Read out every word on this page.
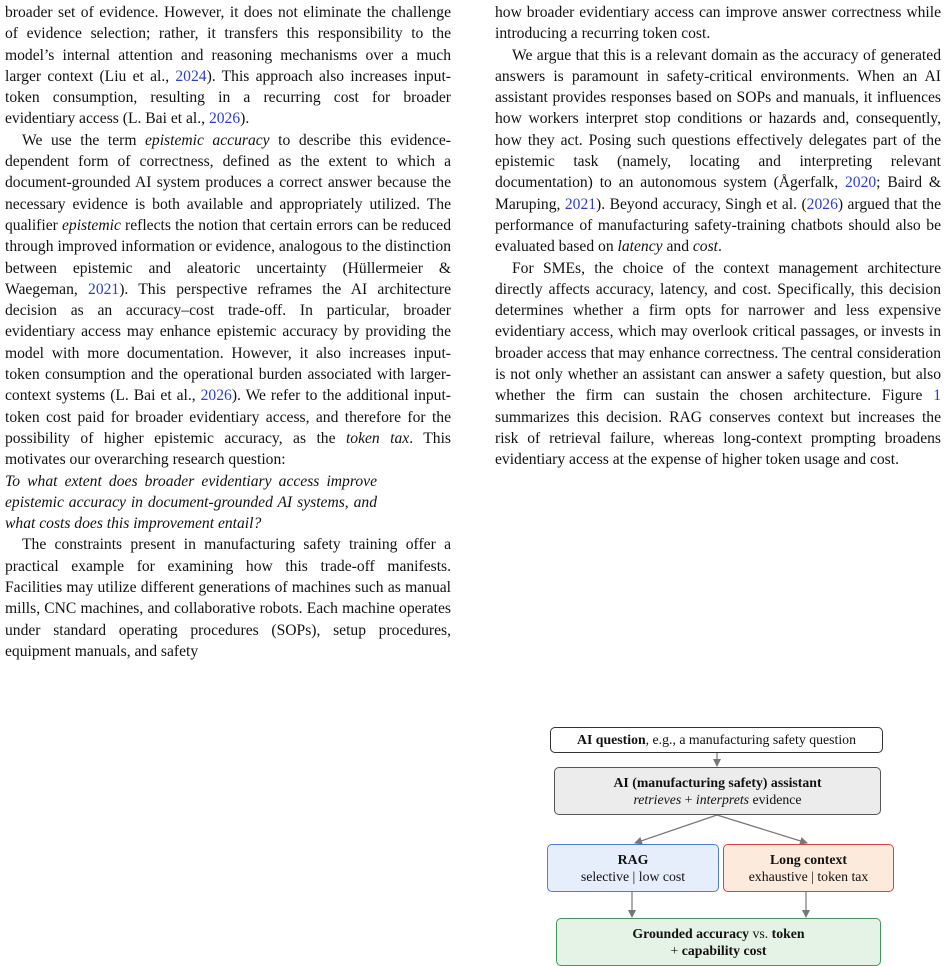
broader set of evidence. However, it does not eliminate the challenge of evidence selection; rather, it transfers this responsibility to the model’s internal attention and reasoning mechanisms over a much larger context (Liu et al., 2024). This approach also increases input-token consumption, resulting in a recurring cost for broader evidentiary access (L. Bai et al., 2026).

We use the term epistemic accuracy to describe this evidence-dependent form of correctness, defined as the extent to which a document-grounded AI system produces a correct answer because the necessary evidence is both available and appropriately utilized. The qualifier epistemic reflects the notion that certain errors can be reduced through improved information or evidence, analogous to the distinction between epistemic and aleatoric uncertainty (Hüllermeier & Waegeman, 2021). This perspective reframes the AI architecture decision as an accuracy–cost trade-off. In particular, broader evidentiary access may enhance epistemic accuracy by providing the model with more documentation. However, it also increases input-token consumption and the operational burden associated with larger-context systems (L. Bai et al., 2026). We refer to the additional input-token cost paid for broader evidentiary access, and therefore for the possibility of higher epistemic accuracy, as the token tax. This motivates our overarching research question:

To what extent does broader evidentiary access improve epistemic accuracy in document-grounded AI systems, and what costs does this improvement entail?

The constraints present in manufacturing safety training offer a practical example for examining how this trade-off manifests. Facilities may utilize different generations of machines such as manual mills, CNC machines, and collaborative robots. Each machine operates under standard operating procedures (SOPs), setup procedures, equipment manuals, and safety

how broader evidentiary access can improve answer correctness while introducing a recurring token cost.

We argue that this is a relevant domain as the accuracy of generated answers is paramount in safety-critical environments. When an AI assistant provides responses based on SOPs and manuals, it influences how workers interpret stop conditions or hazards and, consequently, how they act. Posing such questions effectively delegates part of the epistemic task (namely, locating and interpreting relevant documentation) to an autonomous system (Ågerfalk, 2020; Baird & Maruping, 2021). Beyond accuracy, Singh et al. (2026) argued that the performance of manufacturing safety-training chatbots should also be evaluated based on latency and cost.

For SMEs, the choice of the context management architecture directly affects accuracy, latency, and cost. Specifically, this decision determines whether a firm opts for narrower and less expensive evidentiary access, which may overlook critical passages, or invests in broader access that may enhance correctness. The central consideration is not only whether an assistant can answer a safety question, but also whether the firm can sustain the chosen architecture. Figure 1 summarizes this decision. RAG conserves context but increases the risk of retrieval failure, whereas long-context prompting broadens evidentiary access at the expense of higher token usage and cost.

AI question, e.g., a manufacturing safety question
AI (manufacturing safety) assistant
retrieves + interprets evidence
RAG
selective | low cost
Long context
exhaustive | token tax
Grounded accuracy vs. token
+ capability cost
